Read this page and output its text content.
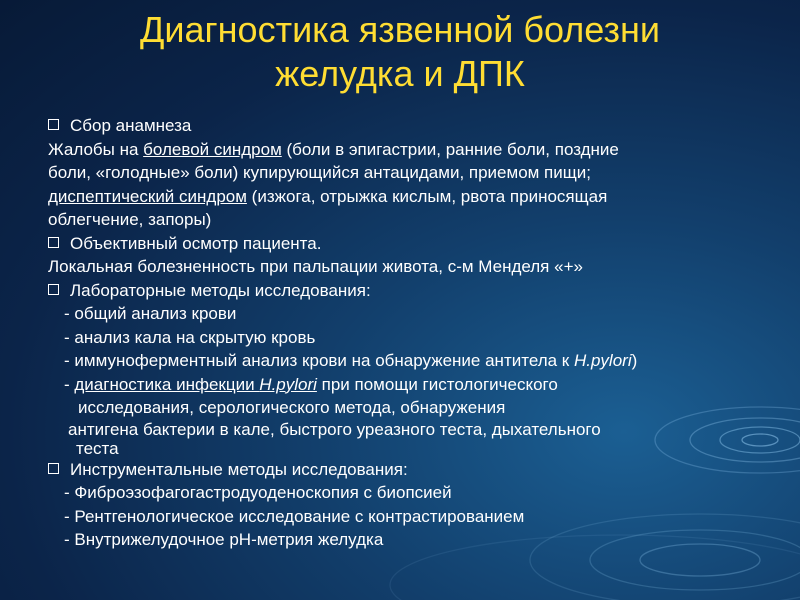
Диагностика язвенной болезни
желудка и ДПК
Сбор анамнеза
Жалобы на болевой синдром (боли в эпигастрии, ранние боли, поздние
боли, «голодные» боли) купирующийся антацидами, приемом пищи;
диспептический синдром (изжога, отрыжка кислым, рвота приносящая
облегчение, запоры)
Объективный осмотр пациента.
Локальная болезненность при пальпации живота, с-м Менделя «+»
Лабораторные методы исследования:
- общий анализ крови
- анализ кала на скрытую кровь
- иммуноферментный анализ крови на обнаружение антитела к H.pylori)
- диагностика инфекции H.pylori при помощи гистологического
исследования, серологического метода, обнаружения
антигена бактерии в кале, быстрого уреазного теста, дыхательного
теста
Инструментальные методы исследования:
- Фиброэзофагогастродуоденоскопия с биопсией
- Рентгенологическое исследование с контрастированием
- Внутрижелудочное рН-метрия желудка
